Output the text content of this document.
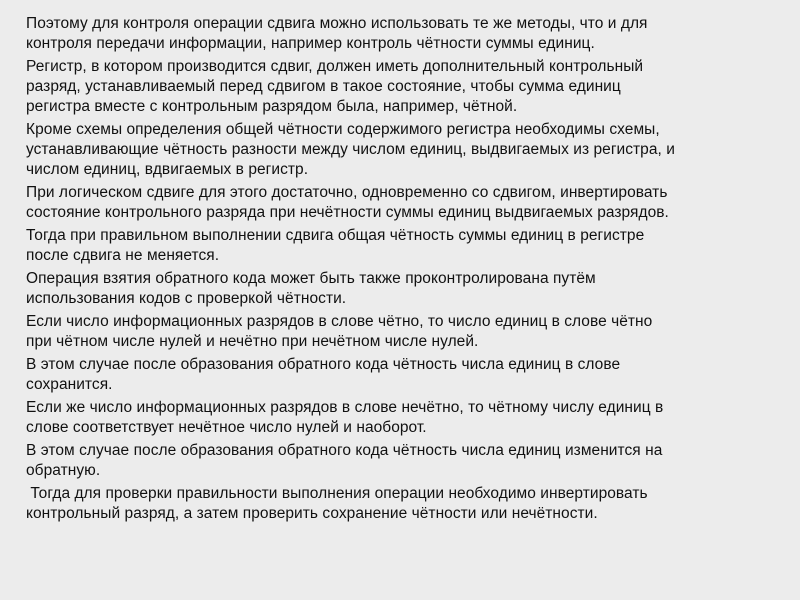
Поэтому для контроля операции сдвига можно использовать те же методы, что и для
контроля передачи информации, например контроль чётности суммы единиц.

Регистр, в котором производится сдвиг, должен иметь дополнительный контрольный
разряд, устанавливаемый перед сдвигом в такое состояние, чтобы сумма единиц
регистра вместе с контрольным разрядом была, например, чётной.

Кроме схемы определения общей чётности содержимого регистра необходимы схемы,
устанавливающие чётность разности между числом единиц, выдвигаемых из регистра, и
числом единиц, вдвигаемых в регистр.

При логическом сдвиге для этого достаточно, одновременно со сдвигом, инвертировать
состояние контрольного разряда при нечётности суммы единиц выдвигаемых разрядов.

Тогда при правильном выполнении сдвига общая чётность суммы единиц в регистре
после сдвига не меняется.

Операция взятия обратного кода может быть также проконтролирована путём
использования кодов с проверкой чётности.

Если число информационных разрядов в слове чётно, то число единиц в слове чётно
при чётном числе нулей и нечётно при нечётном числе нулей.

В этом случае после образования обратного кода чётность числа единиц в слове
сохранится.

Если же число информационных разрядов в слове нечётно, то чётному числу единиц в
слове соответствует нечётное число нулей и наоборот.

В этом случае после образования обратного кода чётность числа единиц изменится на
обратную.

Тогда для проверки правильности выполнения операции необходимо инвертировать
контрольный разряд, а затем проверить сохранение чётности или нечётности.
